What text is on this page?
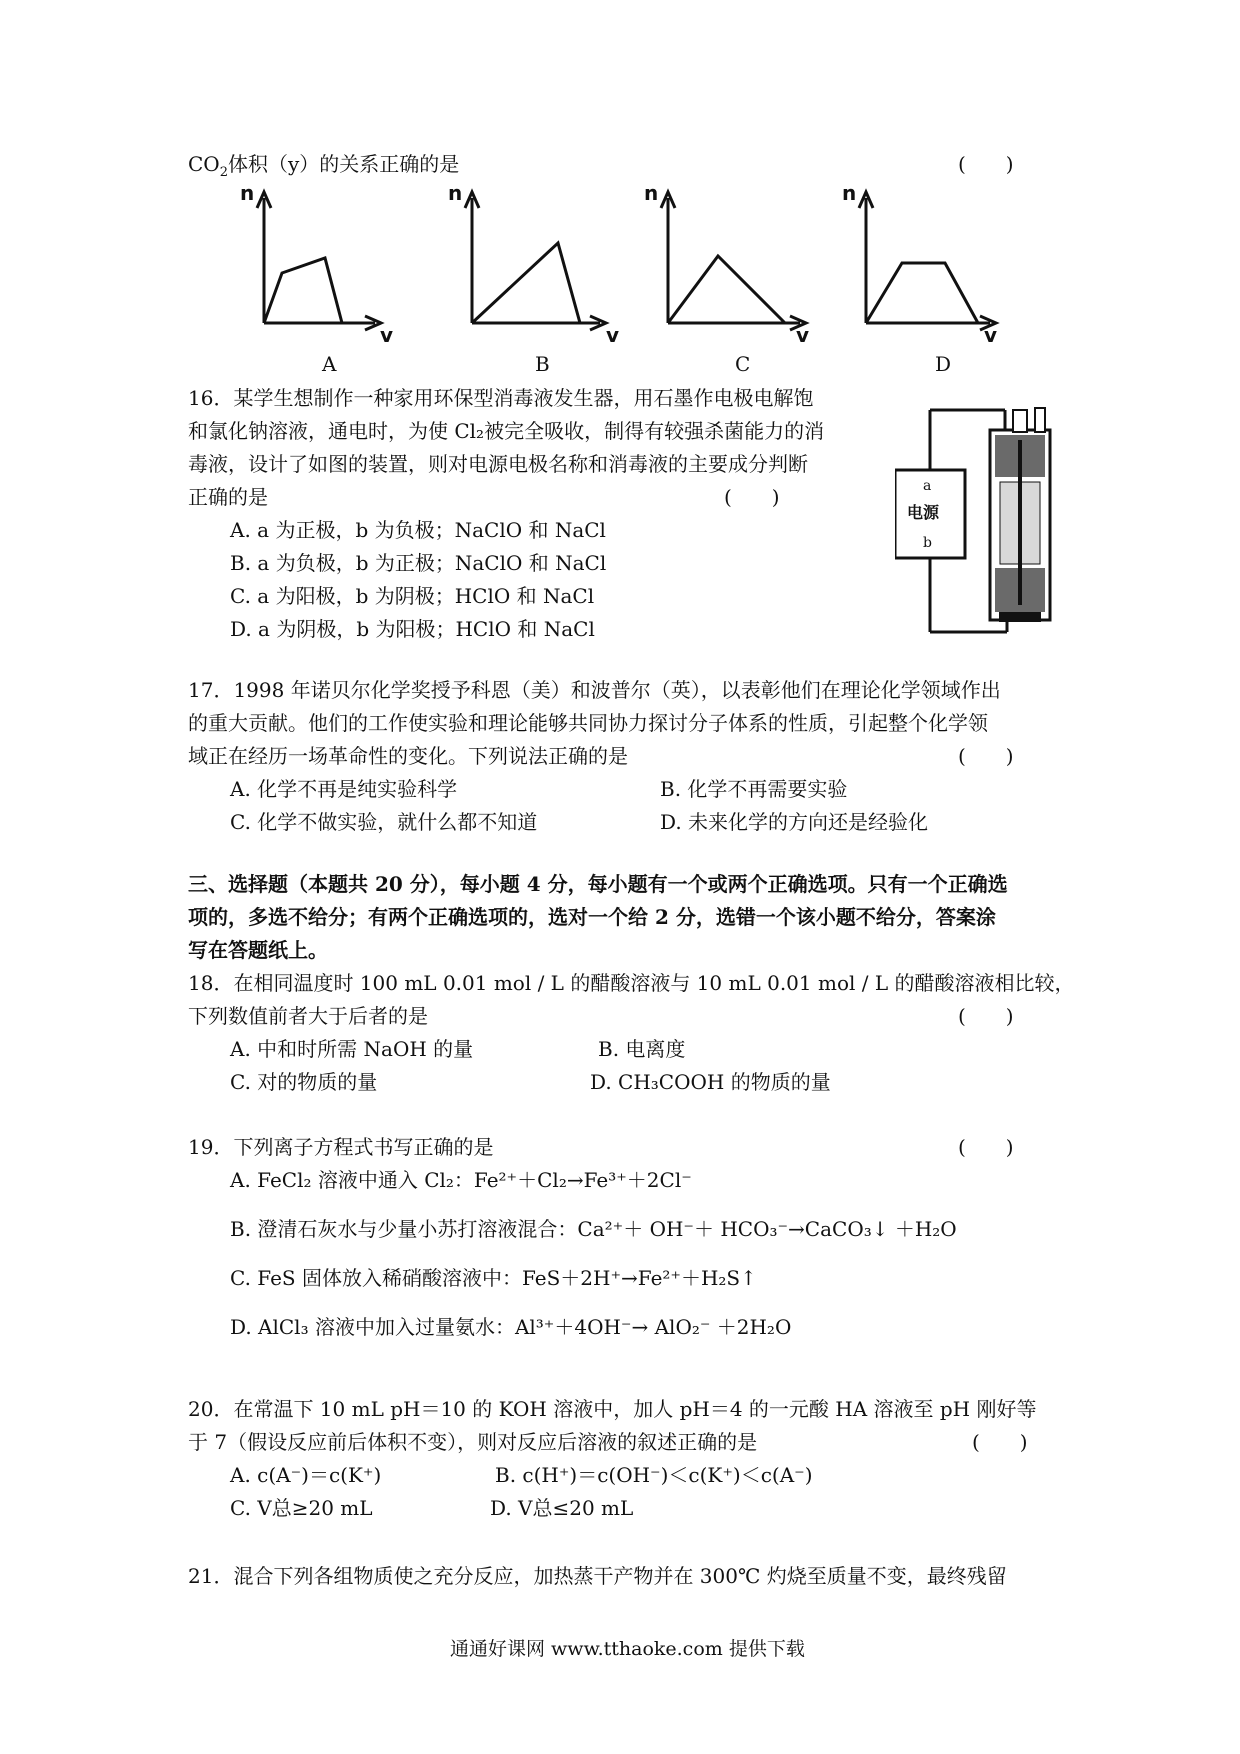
$CO_2$体积（y）的关系正确的是	(　　)
n
v
n
v
n
v
n
v
A	B	C	D
16．某学生想制作一种家用环保型消毒液发生器，用石墨作电极电解饱
和氯化钠溶液，通电时，为使 Cl₂被完全吸收，制得有较强杀菌能力的消
毒液，设计了如图的装置，则对电源电极名称和消毒液的主要成分判断
正确的是	(　　)
A. a 为正极，b 为负极；NaClO 和 NaCl
B. a 为负极，b 为正极；NaClO 和 NaCl
C. a 为阳极，b 为阴极；HClO 和 NaCl
D. a 为阴极，b 为阳极；HClO 和 NaCl
a
电源
b
17．1998 年诺贝尔化学奖授予科恩（美）和波普尔（英），以表彰他们在理论化学领域作出
的重大贡献。他们的工作使实验和理论能够共同协力探讨分子体系的性质，引起整个化学领
域正在经历一场革命性的变化。下列说法正确的是	(　　)
A. 化学不再是纯实验科学	B. 化学不再需要实验
C. 化学不做实验，就什么都不知道	D. 未来化学的方向还是经验化
三、选择题（本题共 20 分），每小题 4 分，每小题有一个或两个正确选项。只有一个正确选
项的，多选不给分；有两个正确选项的，选对一个给 2 分，选错一个该小题不给分，答案涂
写在答题纸上。
18．在相同温度时 100 mL 0.01 mol / L 的醋酸溶液与 10 mL 0.01 mol / L 的醋酸溶液相比较，
下列数值前者大于后者的是	(　　)
A. 中和时所需 NaOH 的量	B. 电离度
C. 对的物质的量	D. CH₃COOH 的物质的量
19．下列离子方程式书写正确的是	(　　)
A. FeCl₂ 溶液中通入 Cl₂：Fe²⁺＋Cl₂→Fe³⁺＋2Cl⁻
B. 澄清石灰水与少量小苏打溶液混合：Ca²⁺＋ OH⁻＋ HCO₃⁻→CaCO₃↓ ＋H₂O
C. FeS 固体放入稀硝酸溶液中：FeS＋2H⁺→Fe²⁺＋H₂S↑
D. AlCl₃ 溶液中加入过量氨水：Al³⁺＋4OH⁻→ AlO₂⁻ ＋2H₂O
20．在常温下 10 mL pH＝10 的 KOH 溶液中，加人 pH＝4 的一元酸 HA 溶液至 pH 刚好等
于 7（假设反应前后体积不变），则对反应后溶液的叙述正确的是	(　　)
A. c(A⁻)＝c(K⁺)	B. c(H⁺)＝c(OH⁻)＜c(K⁺)＜c(A⁻)
C. V总≥20 mL	D. V总≤20 mL
21．混合下列各组物质使之充分反应，加热蒸干产物并在 300℃ 灼烧至质量不变，最终残留
通通好课网 www.tthaoke.com 提供下载
